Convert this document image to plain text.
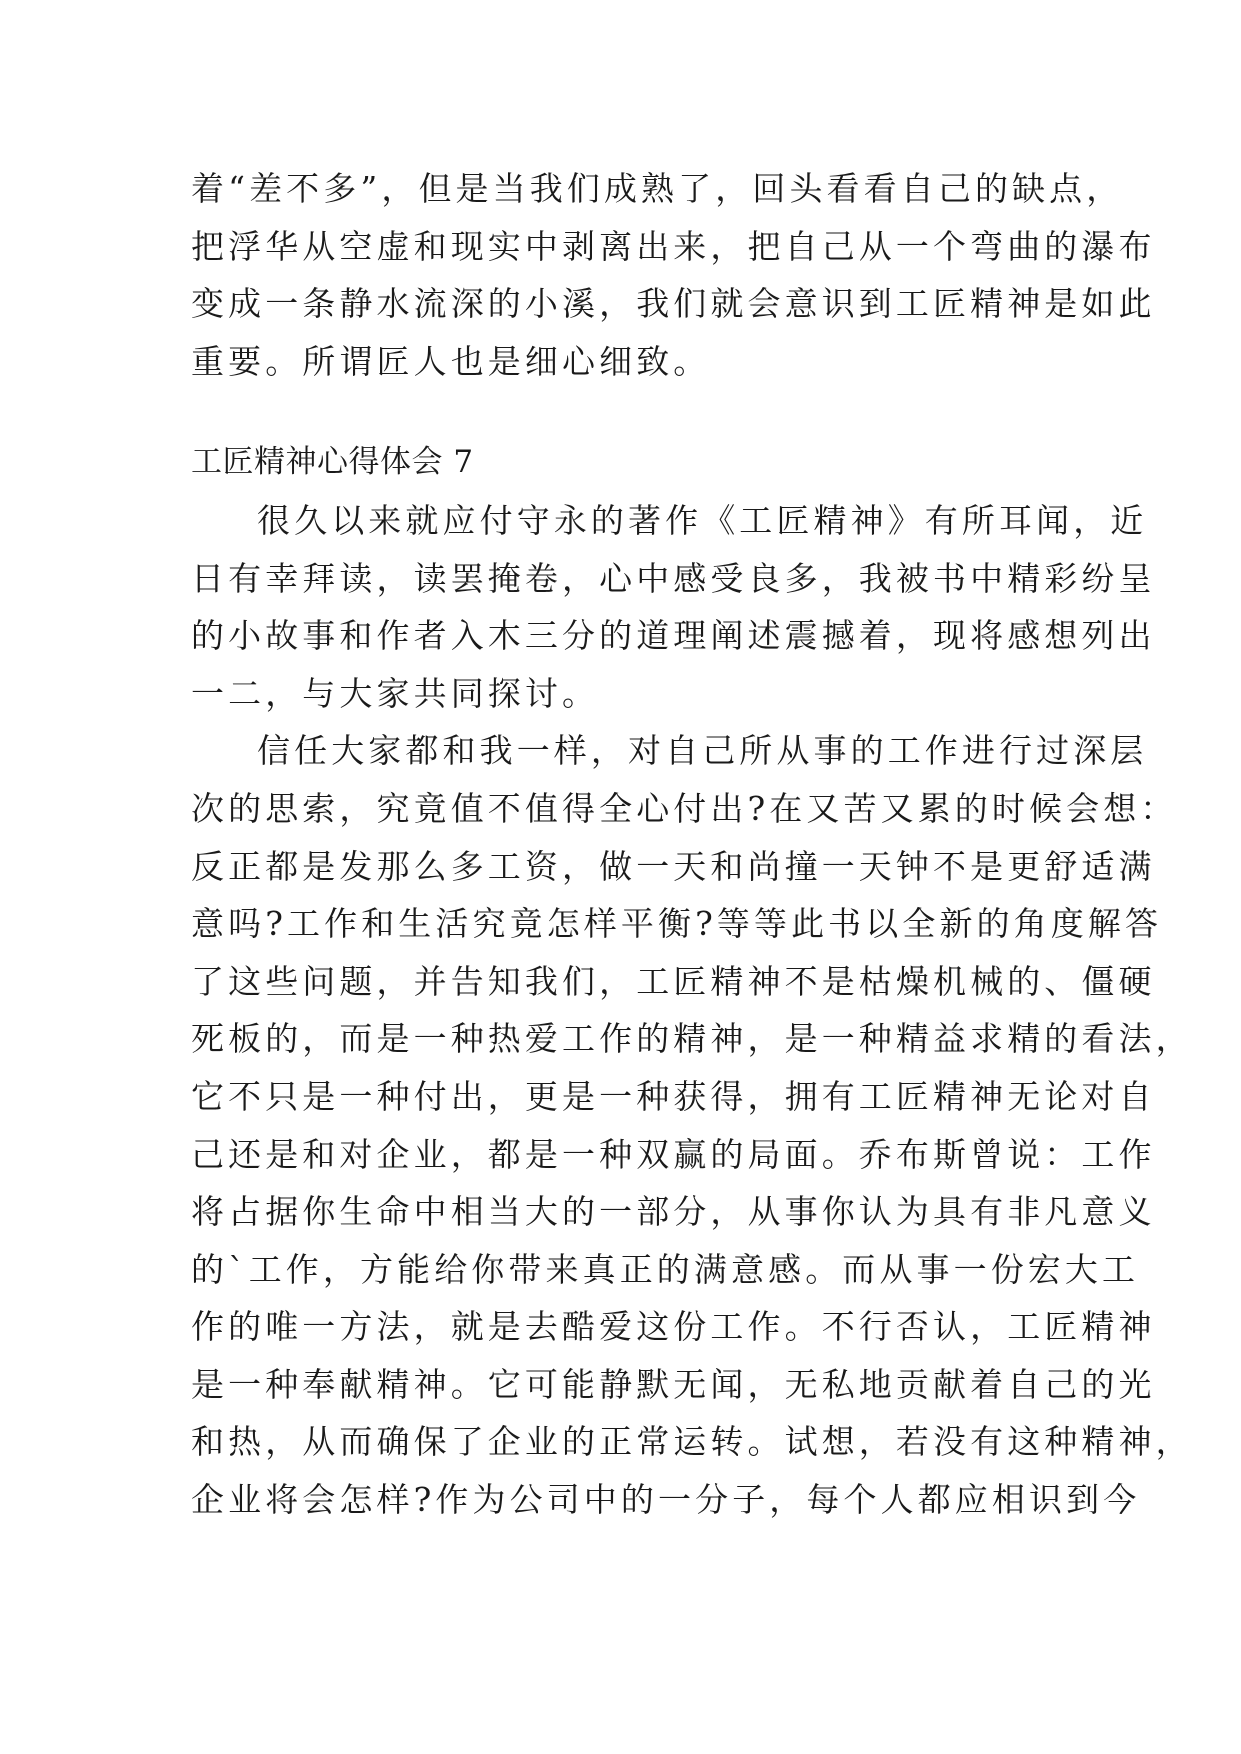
着“差不多”，但是当我们成熟了，回头看看自己的缺点，
把浮华从空虚和现实中剥离出来，把自己从一个弯曲的瀑布
变成一条静水流深的小溪，我们就会意识到工匠精神是如此
重要。所谓匠人也是细心细致。
工匠精神心得体会 7
很久以来就应付守永的著作《工匠精神》有所耳闻，近
日有幸拜读，读罢掩卷，心中感受良多，我被书中精彩纷呈
的小故事和作者入木三分的道理阐述震撼着，现将感想列出
一二，与大家共同探讨。
信任大家都和我一样，对自己所从事的工作进行过深层
次的思索，究竟值不值得全心付出?在又苦又累的时候会想：
反正都是发那么多工资，做一天和尚撞一天钟不是更舒适满
意吗?工作和生活究竟怎样平衡?等等此书以全新的角度解答
了这些问题，并告知我们，工匠精神不是枯燥机械的、僵硬
死板的，而是一种热爱工作的精神，是一种精益求精的看法，
它不只是一种付出，更是一种获得，拥有工匠精神无论对自
己还是和对企业，都是一种双赢的局面。乔布斯曾说：工作
将占据你生命中相当大的一部分，从事你认为具有非凡意义
的`工作，方能给你带来真正的满意感。而从事一份宏大工
作的唯一方法，就是去酷爱这份工作。不行否认，工匠精神
是一种奉献精神。它可能静默无闻，无私地贡献着自己的光
和热，从而确保了企业的正常运转。试想，若没有这种精神，
企业将会怎样?作为公司中的一分子，每个人都应相识到今
